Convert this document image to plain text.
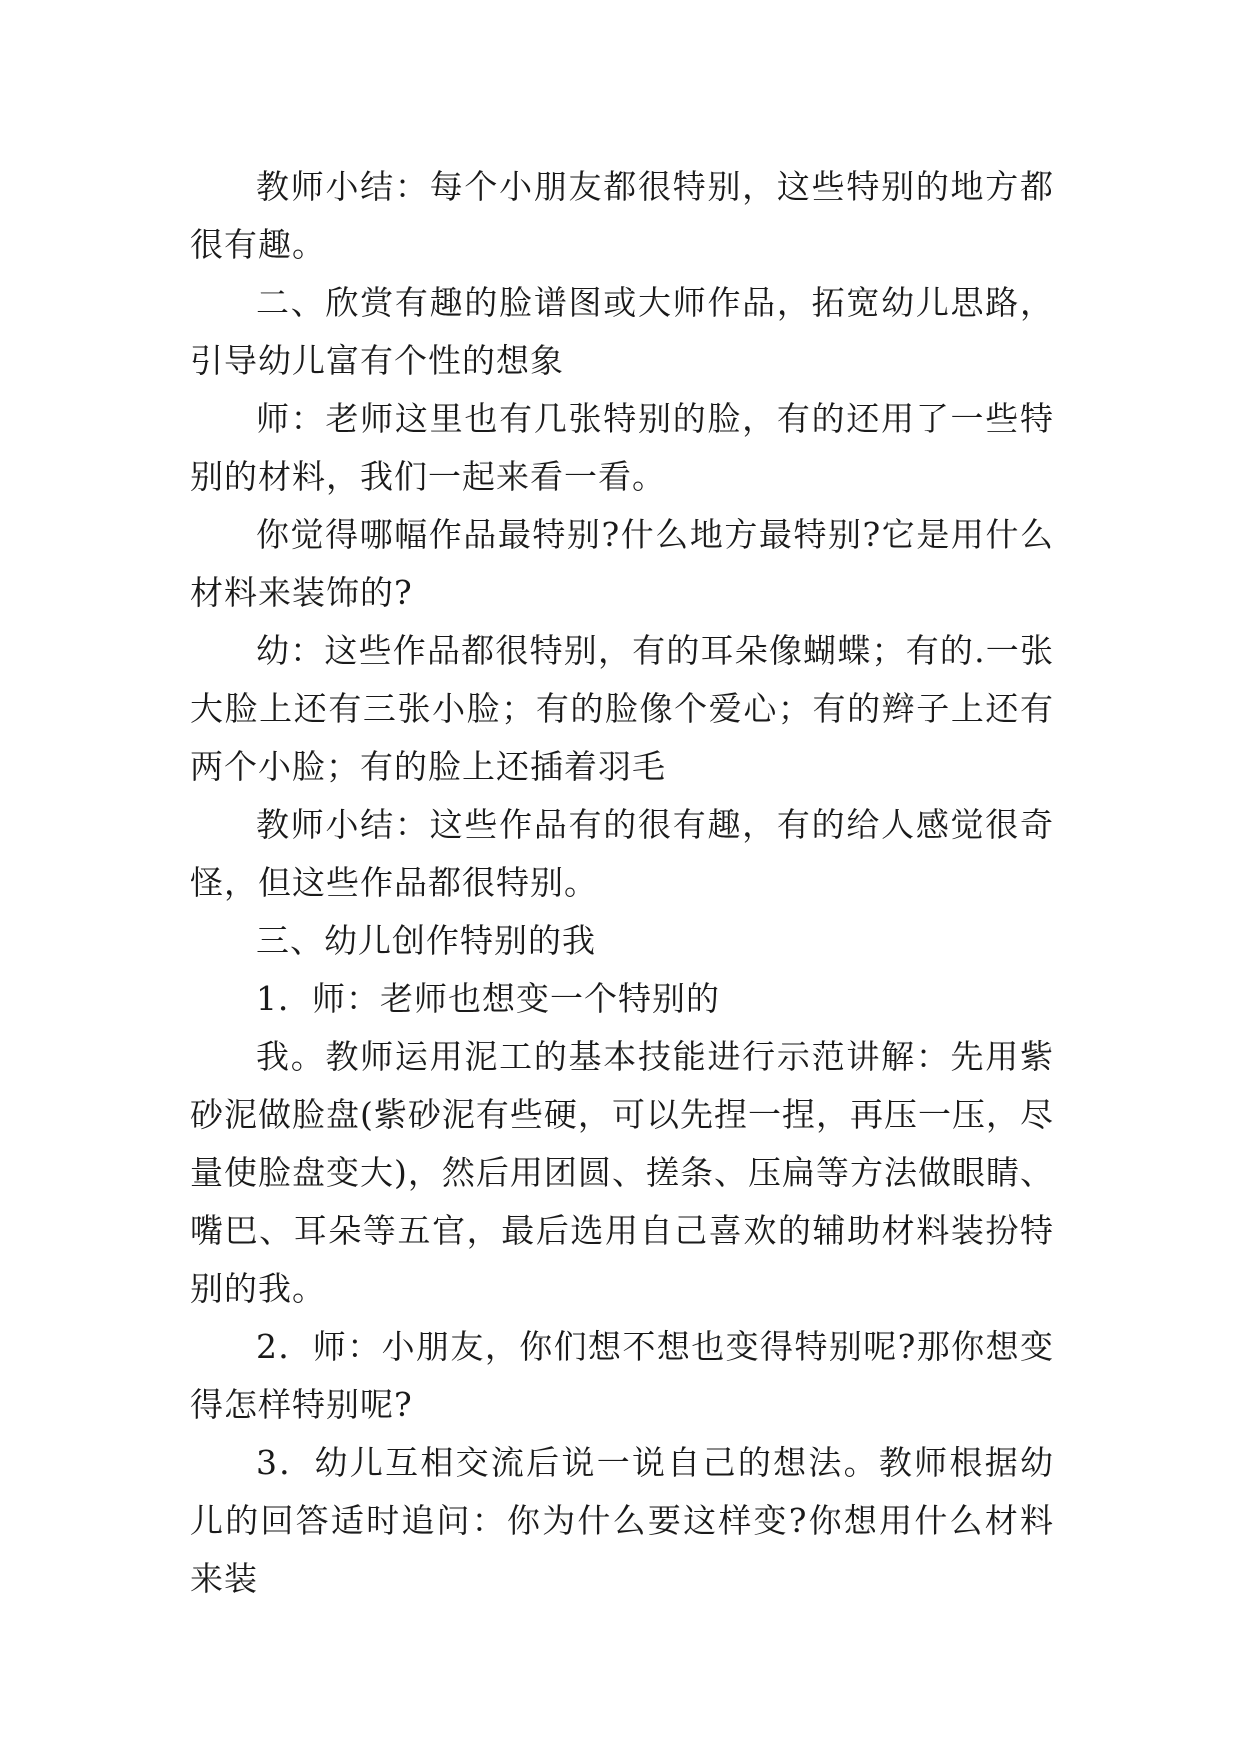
教师小结：每个小朋友都很特别，这些特别的地方都很有趣。

二、欣赏有趣的脸谱图或大师作品，拓宽幼儿思路，引导幼儿富有个性的想象

师：老师这里也有几张特别的脸，有的还用了一些特别的材料，我们一起来看一看。

你觉得哪幅作品最特别?什么地方最特别?它是用什么材料来装饰的?

幼：这些作品都很特别，有的耳朵像蝴蝶；有的.一张大脸上还有三张小脸；有的脸像个爱心；有的辫子上还有两个小脸；有的脸上还插着羽毛

教师小结：这些作品有的很有趣，有的给人感觉很奇怪，但这些作品都很特别。

三、幼儿创作特别的我

1．师：老师也想变一个特别的

我。教师运用泥工的基本技能进行示范讲解：先用紫砂泥做脸盘(紫砂泥有些硬，可以先捏一捏，再压一压，尽量使脸盘变大)，然后用团圆、搓条、压扁等方法做眼睛、嘴巴、耳朵等五官，最后选用自己喜欢的辅助材料装扮特别的我。

2．师：小朋友，你们想不想也变得特别呢?那你想变得怎样特别呢?

3．幼儿互相交流后说一说自己的想法。教师根据幼儿的回答适时追问：你为什么要这样变?你想用什么材料来装
